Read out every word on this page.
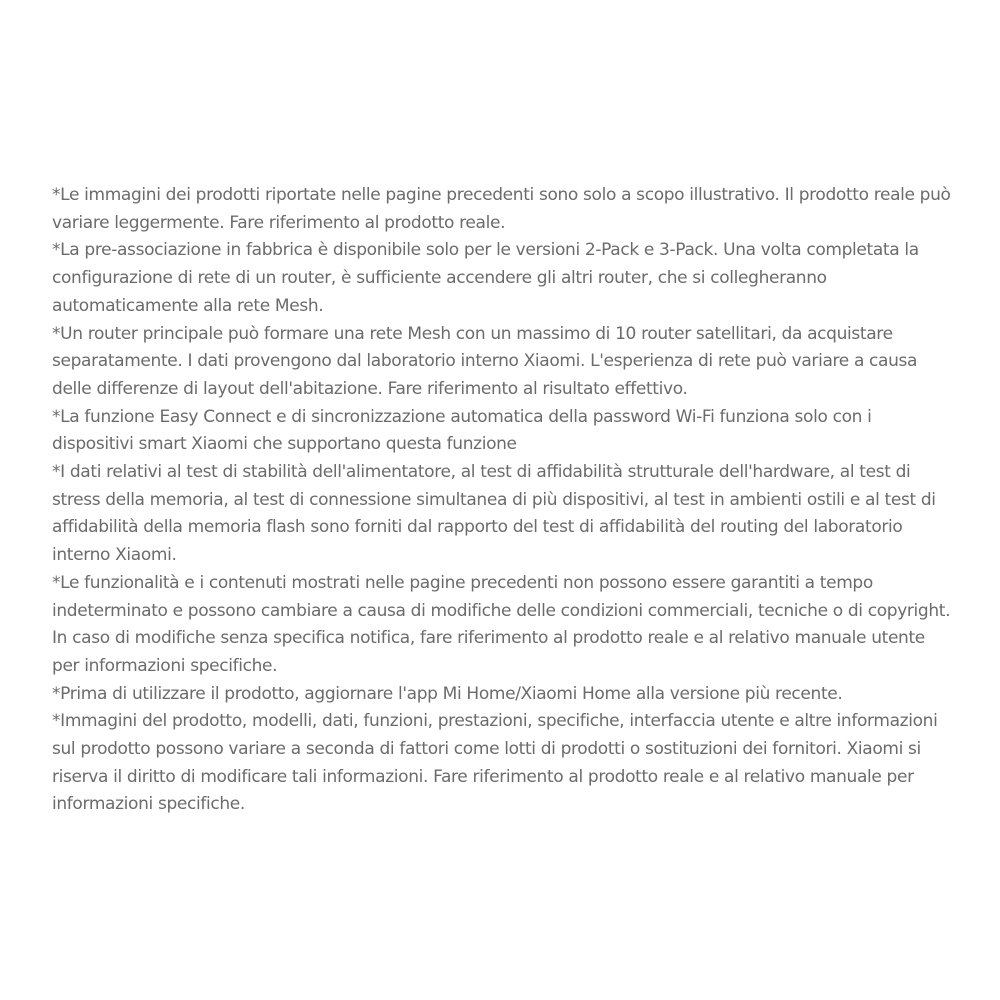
*Le immagini dei prodotti riportate nelle pagine precedenti sono solo a scopo illustrativo. Il prodotto reale può variare leggermente. Fare riferimento al prodotto reale.

*La pre-associazione in fabbrica è disponibile solo per le versioni 2-Pack e 3-Pack. Una volta completata la configurazione di rete di un router, è sufficiente accendere gli altri router, che si collegheranno automaticamente alla rete Mesh.

*Un router principale può formare una rete Mesh con un massimo di 10 router satellitari, da acquistare separatamente. I dati provengono dal laboratorio interno Xiaomi. L'esperienza di rete può variare a causa delle differenze di layout dell'abitazione. Fare riferimento al risultato effettivo.

*La funzione Easy Connect e di sincronizzazione automatica della password Wi-Fi funziona solo con i dispositivi smart Xiaomi che supportano questa funzione

*I dati relativi al test di stabilità dell'alimentatore, al test di affidabilità strutturale dell'hardware, al test di stress della memoria, al test di connessione simultanea di più dispositivi, al test in ambienti ostili e al test di affidabilità della memoria flash sono forniti dal rapporto del test di affidabilità del routing del laboratorio interno Xiaomi.

*Le funzionalità e i contenuti mostrati nelle pagine precedenti non possono essere garantiti a tempo indeterminato e possono cambiare a causa di modifiche delle condizioni commerciali, tecniche o di copyright. In caso di modifiche senza specifica notifica, fare riferimento al prodotto reale e al relativo manuale utente per informazioni specifiche.

*Prima di utilizzare il prodotto, aggiornare l'app Mi Home/Xiaomi Home alla versione più recente.

*Immagini del prodotto, modelli, dati, funzioni, prestazioni, specifiche, interfaccia utente e altre informazioni sul prodotto possono variare a seconda di fattori come lotti di prodotti o sostituzioni dei fornitori. Xiaomi si riserva il diritto di modificare tali informazioni. Fare riferimento al prodotto reale e al relativo manuale per informazioni specifiche.
